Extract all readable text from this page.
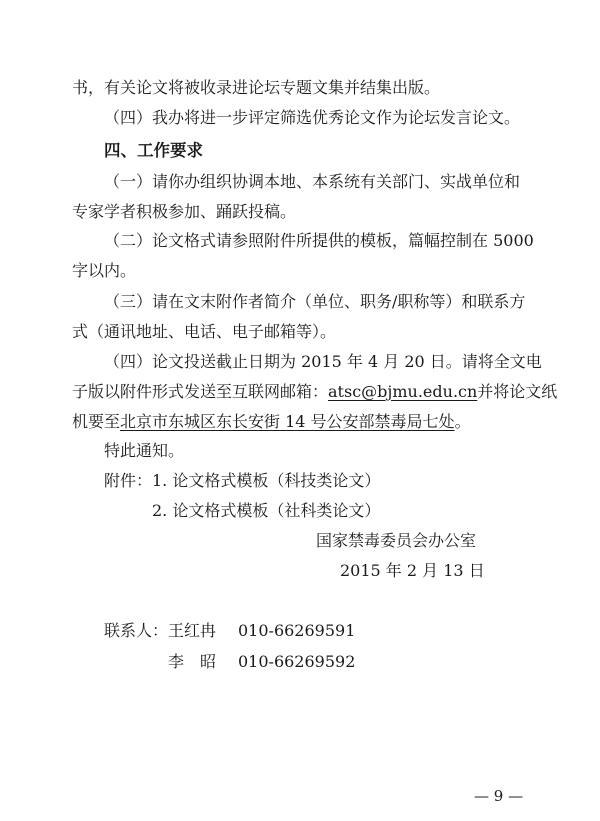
书，有关论文将被收录进论坛专题文集并结集出版。
（四）我办将进一步评定筛选优秀论文作为论坛发言论文。
四、工作要求
（一）请你办组织协调本地、本系统有关部门、实战单位和
专家学者积极参加、踊跃投稿。
（二）论文格式请参照附件所提供的模板，篇幅控制在 5000
字以内。
（三）请在文末附作者简介（单位、职务/职称等）和联系方
式（通讯地址、电话、电子邮箱等）。
（四）论文投送截止日期为 2015 年 4 月 20 日。请将全文电
子版以附件形式发送至互联网邮箱：atsc@bjmu.edu.cn并将论文纸
机要至北京市东城区东长安街 14 号公安部禁毒局七处。
特此通知。
附件： 1. 论文格式模板（科技类论文）
2. 论文格式模板（社科类论文）
国家禁毒委员会办公室
2015 年 2 月 13 日
联系人： 王红冉 010-66269591
李　昭 010-66269592
— 9 —
